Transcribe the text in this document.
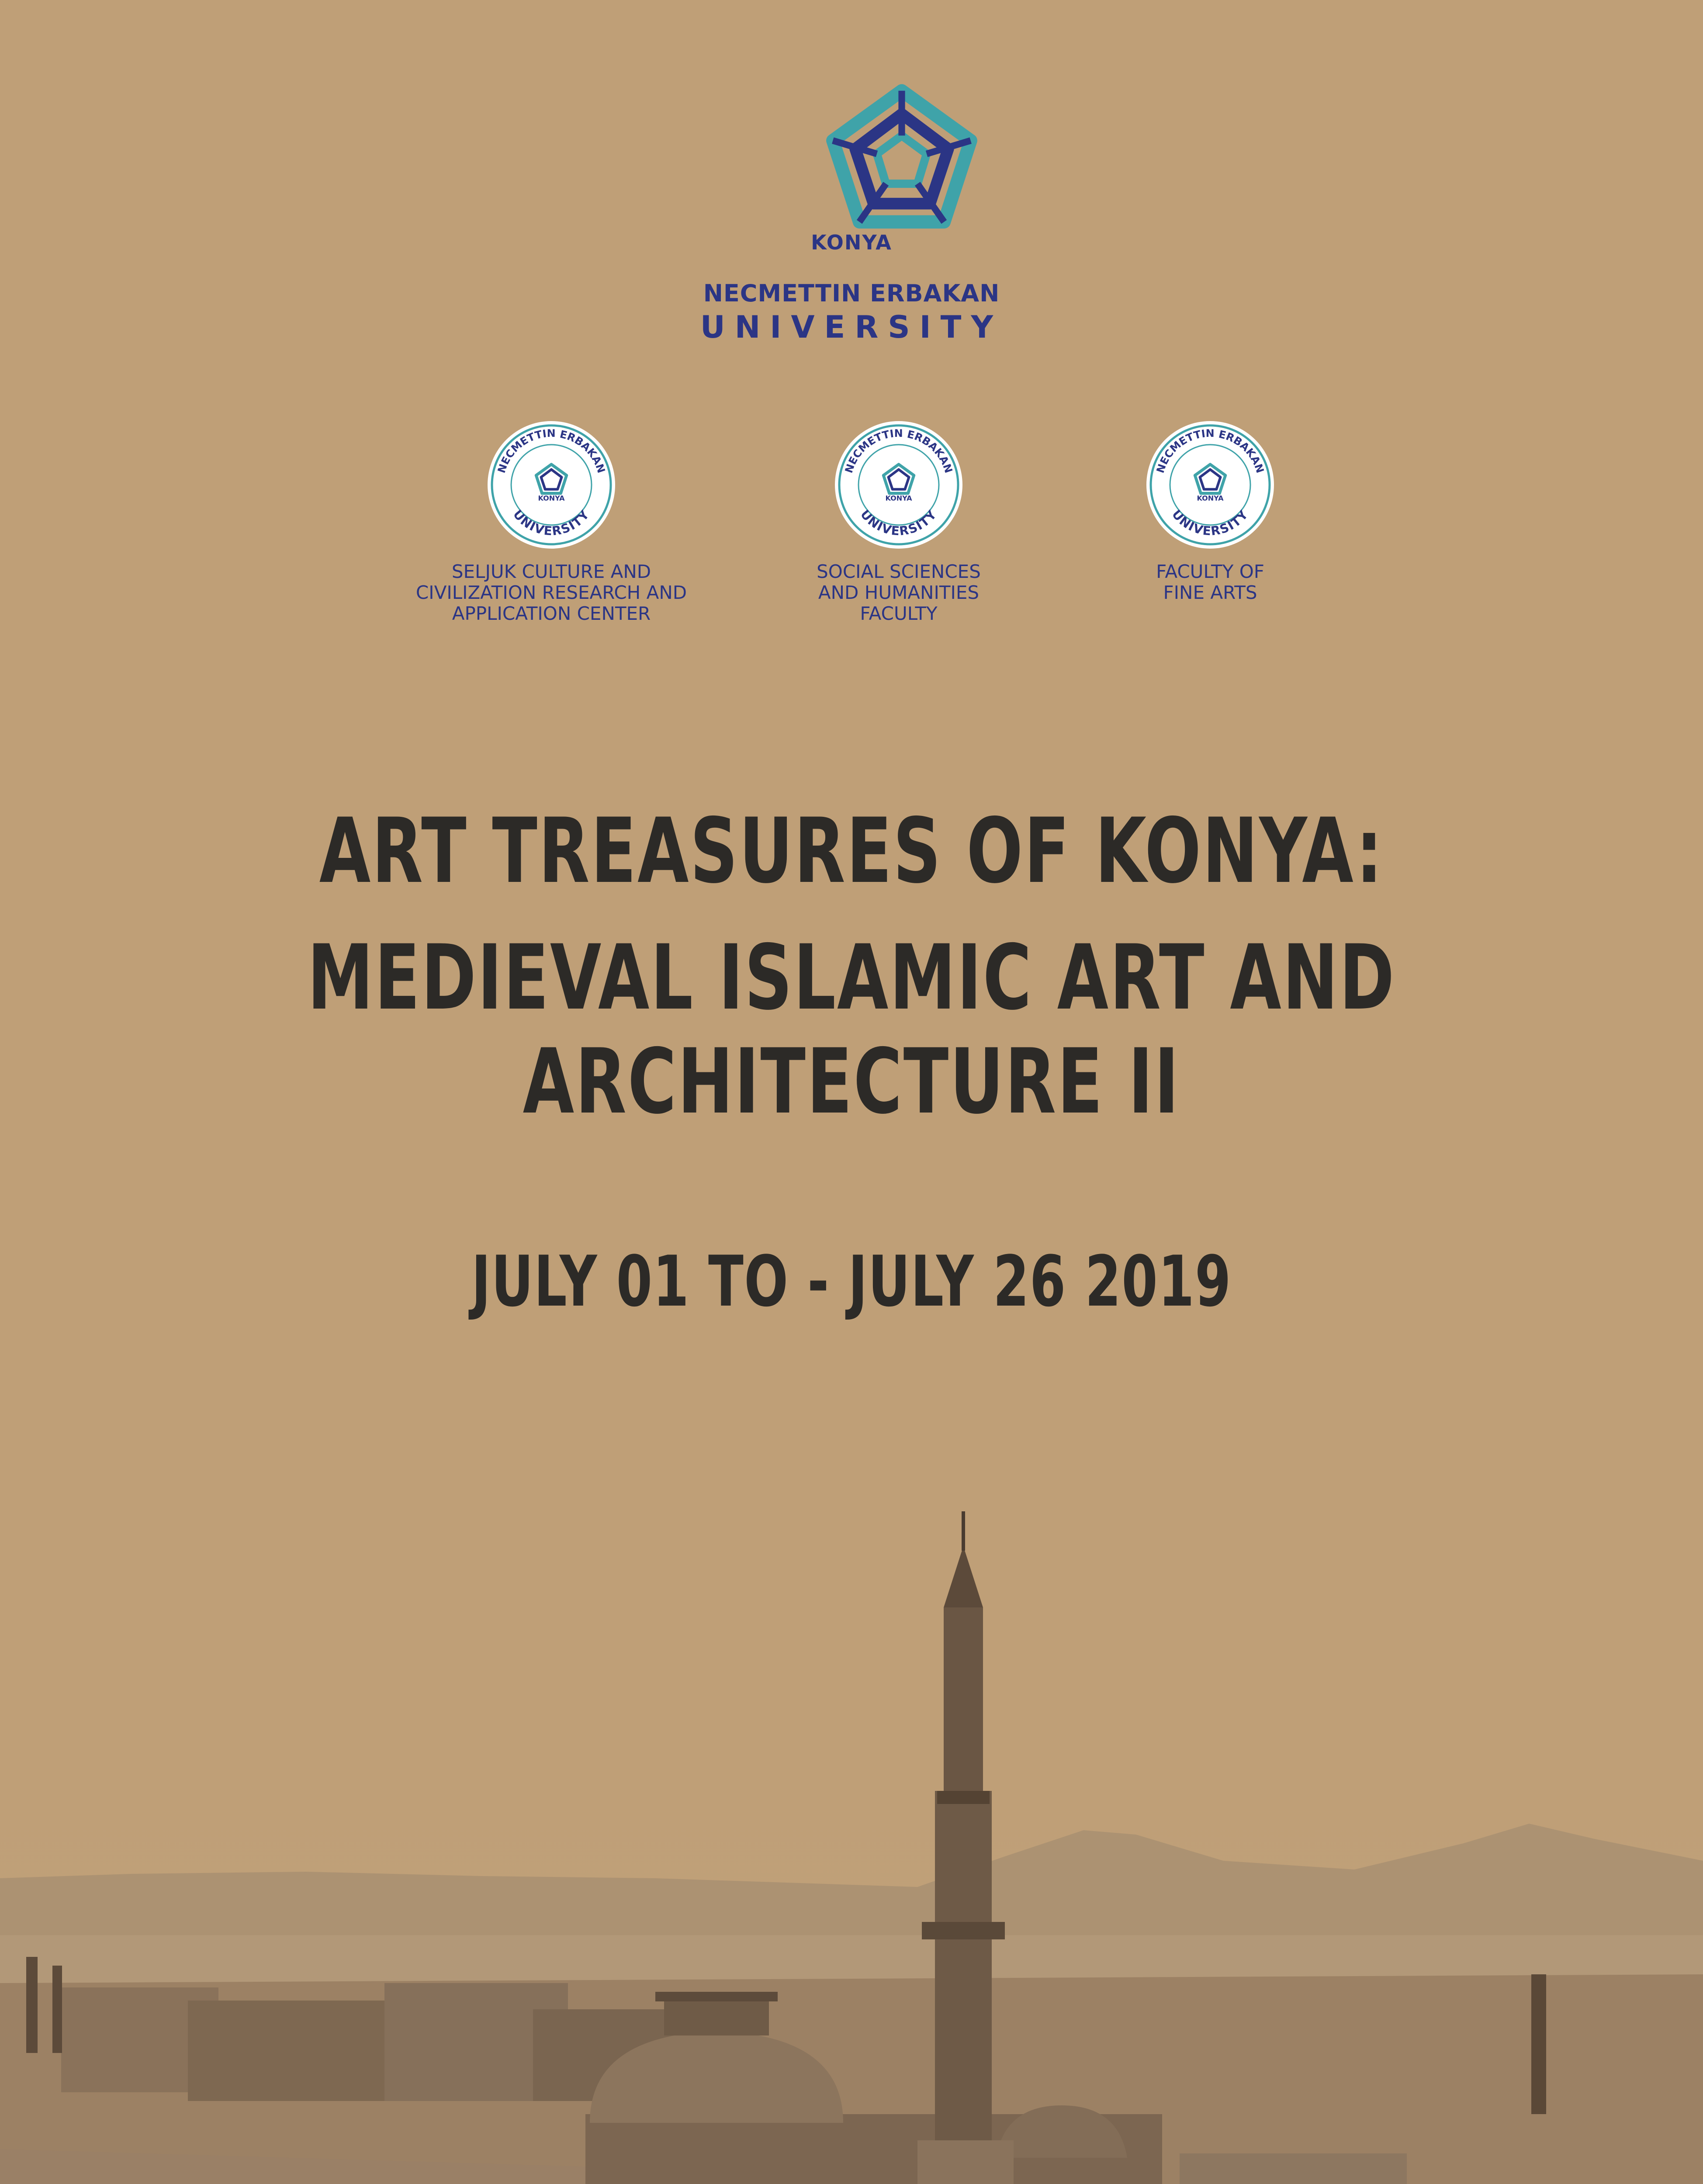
KONYA
NECMETTIN ERBAKAN
UNIVERSITY
NECMETTIN ERBAKAN
UNIVERSITY
KONYA
NECMETTIN ERBAKAN
UNIVERSITY
KONYA
NECMETTIN ERBAKAN
UNIVERSITY
KONYA
SELJUK CULTURE AND
CIVILIZATION RESEARCH AND
APPLICATION CENTER
SOCIAL SCIENCES
AND HUMANITIES
FACULTY
FACULTY OF
FINE ARTS
ART TREASURES OF KONYA:
MEDIEVAL ISLAMIC ART AND ARCHITECTURE II
JULY 01 TO - JULY 26 2019
